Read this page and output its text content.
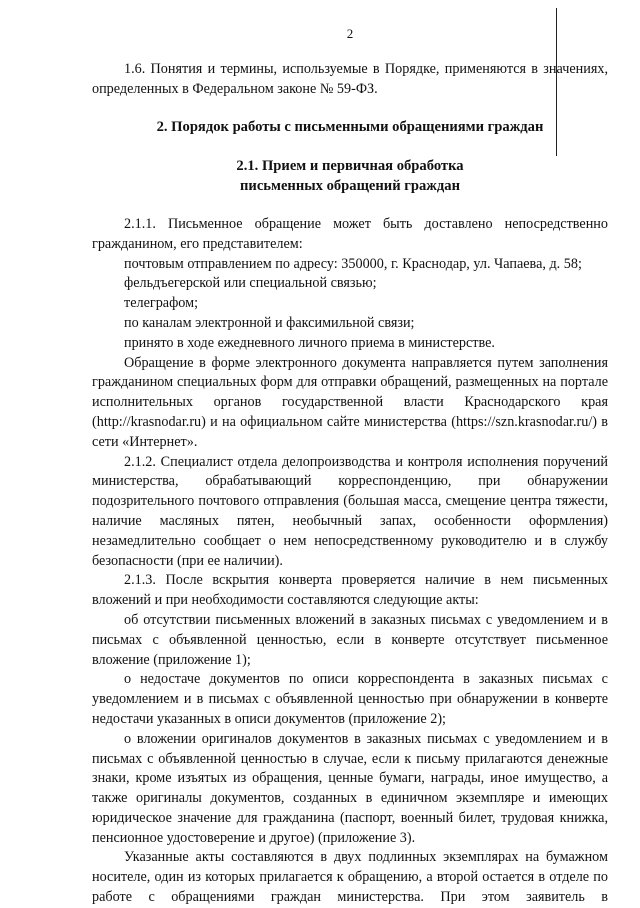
2

1.6. Понятия и термины, используемые в Порядке, применяются в значениях, определенных в Федеральном законе № 59-ФЗ.

2. Порядок работы с письменными обращениями граждан

2.1. Прием и первичная обработка

письменных обращений граждан

2.1.1. Письменное обращение может быть доставлено непосредственно гражданином, его представителем:

почтовым отправлением по адресу: 350000, г. Краснодар, ул. Чапаева, д. 58;

фельдъегерской или специальной связью;

телеграфом;

по каналам электронной и факсимильной связи;

принято в ходе ежедневного личного приема в министерстве.

Обращение в форме электронного документа направляется путем заполнения гражданином специальных форм для отправки обращений, размещенных на портале исполнительных органов государственной власти Краснодарского края (http://krasnodar.ru) и на официальном сайте министерства (https://szn.krasnodar.ru/) в сети «Интернет».

2.1.2. Специалист отдела делопроизводства и контроля исполнения поручений министерства, обрабатывающий корреспонденцию, при обнаружении подозрительного почтового отправления (большая масса, смещение центра тяжести, наличие масляных пятен, необычный запах, особенности оформления) незамедлительно сообщает о нем непосредственному руководителю и в службу безопасности (при ее наличии).

2.1.3. После вскрытия конверта проверяется наличие в нем письменных вложений и при необходимости составляются следующие акты:

об отсутствии письменных вложений в заказных письмах с уведомлением и в письмах с объявленной ценностью, если в конверте отсутствует письменное вложение (приложение 1);

о недостаче документов по описи корреспондента в заказных письмах с уведомлением и в письмах с объявленной ценностью при обнаружении в конверте недостачи указанных в описи документов (приложение 2);

о вложении оригиналов документов в заказных письмах с уведомлением и в письмах с объявленной ценностью в случае, если к письму прилагаются денежные знаки, кроме изъятых из обращения, ценные бумаги, награды, иное имущество, а также оригиналы документов, созданных в единичном экземпляре и имеющих юридическое значение для гражданина (паспорт, военный билет, трудовая книжка, пенсионное удостоверение и другое) (приложение 3).

Указанные акты составляются в двух подлинных экземплярах на бумажном носителе, один из которых прилагается к обращению, а второй остается в отделе по работе с обращениями граждан министерства. При этом заявитель в
